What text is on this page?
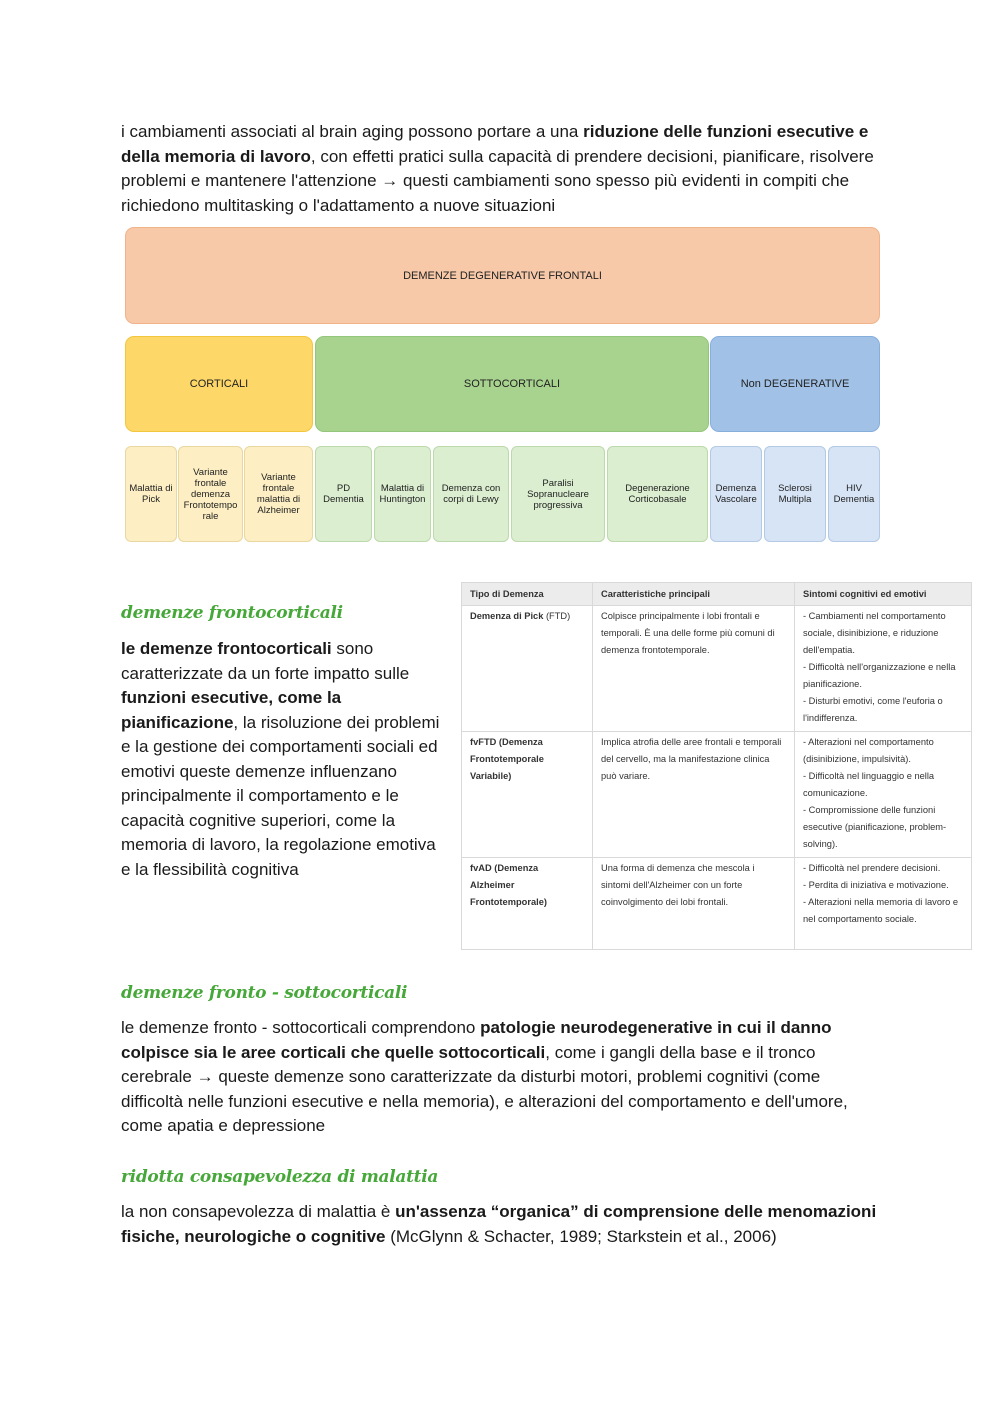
i cambiamenti associati al brain aging possono portare a una riduzione delle funzioni esecutive e della memoria di lavoro, con effetti pratici sulla capacità di prendere decisioni, pianificare, risolvere problemi e mantenere l'attenzione → questi cambiamenti sono spesso più evidenti in compiti che richiedono multitasking o l'adattamento a nuove situazioni

DEMENZE DEGENERATIVE FRONTALI
CORTICALI	SOTTOCORTICALI	Non DEGENERATIVE
Malattia di Pick
Variante frontale demenza Frontotempo rale
Variante frontale malattia di Alzheimer
PD Dementia
Malattia di Huntington
Demenza con corpi di Lewy
Paralisi Sopranucleare progressiva
Degenerazione Corticobasale
Demenza Vascolare
Sclerosi Multipla
HIV Dementia
demenze frontocorticali

le demenze frontocorticali sono caratterizzate da un forte impatto sulle funzioni esecutive, come la pianificazione, la risoluzione dei problemi e la gestione dei comportamenti sociali ed emotivi queste demenze influenzano principalmente il comportamento e le capacità cognitive superiori, come la memoria di lavoro, la regolazione emotiva e la flessibilità cognitiva

Tipo di Demenza	Caratteristiche principali	Sintomi cognitivi ed emotivi
Demenza di Pick (FTD)	Colpisce principalmente i lobi frontali e temporali. È una delle forme più comuni di demenza frontotemporale.	- Cambiamenti nel comportamento sociale, disinibizione, e riduzione dell'empatia.
- Difficoltà nell'organizzazione e nella pianificazione.
- Disturbi emotivi, come l'euforia o l'indifferenza.

fvFTD (Demenza Frontotemporale Variabile)	Implica atrofia delle aree frontali e temporali del cervello, ma la manifestazione clinica può variare.	- Alterazioni nel comportamento (disinibizione, impulsività).
- Difficoltà nel linguaggio e nella comunicazione.
- Compromissione delle funzioni esecutive (pianificazione, problem-solving).

fvAD (Demenza Alzheimer Frontotemporale)	Una forma di demenza che mescola i sintomi dell'Alzheimer con un forte coinvolgimento dei lobi frontali.	- Difficoltà nel prendere decisioni.
- Perdita di iniziativa e motivazione.
- Alterazioni nella memoria di lavoro e nel comportamento sociale.
demenze fronto - sottocorticali

le demenze fronto - sottocorticali comprendono patologie neurodegenerative in cui il danno colpisce sia le aree corticali che quelle sottocorticali, come i gangli della base e il tronco cerebrale → queste demenze sono caratterizzate da disturbi motori, problemi cognitivi (come difficoltà nelle funzioni esecutive e nella memoria), e alterazioni del comportamento e dell'umore, come apatia e depressione

ridotta consapevolezza di malattia

la non consapevolezza di malattia è un'assenza “organica” di comprensione delle menomazioni fisiche, neurologiche o cognitive (McGlynn & Schacter, 1989; Starkstein et al., 2006)
